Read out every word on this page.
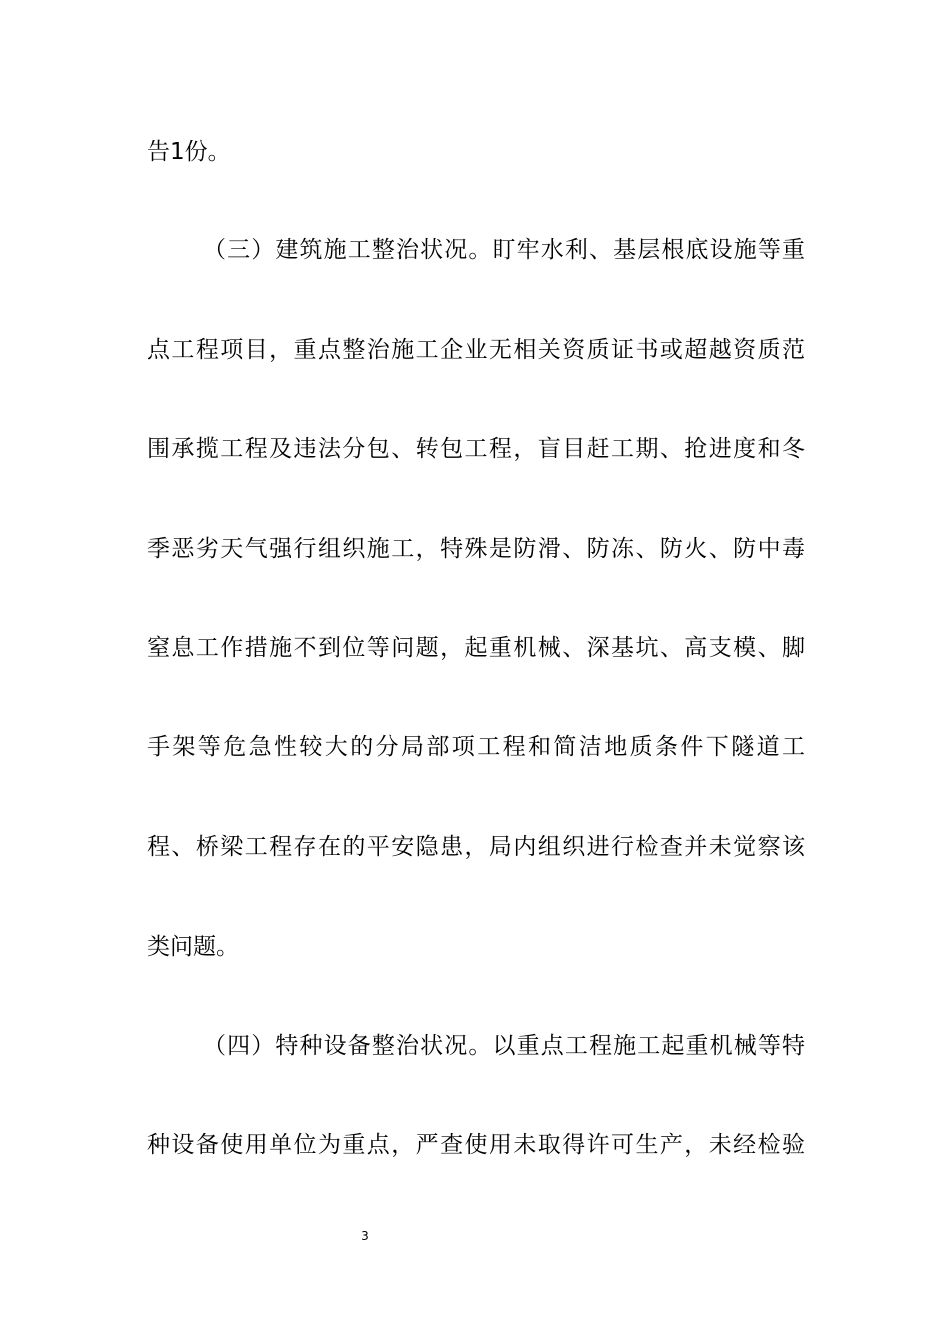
告1份。
（三）建筑施工整治状况。盯牢水利、基层根底设施等重
点工程项目，重点整治施工企业无相关资质证书或超越资质范
围承揽工程及违法分包、转包工程，盲目赶工期、抢进度和冬
季恶劣天气强行组织施工，特殊是防滑、防冻、防火、防中毒
窒息工作措施不到位等问题，起重机械、深基坑、高支模、脚
手架等危急性较大的分局部项工程和简洁地质条件下隧道工
程、桥梁工程存在的平安隐患，局内组织进行检查并未觉察该
类问题。
（四）特种设备整治状况。以重点工程施工起重机械等特
种设备使用单位为重点，严查使用未取得许可生产，未经检验
3
